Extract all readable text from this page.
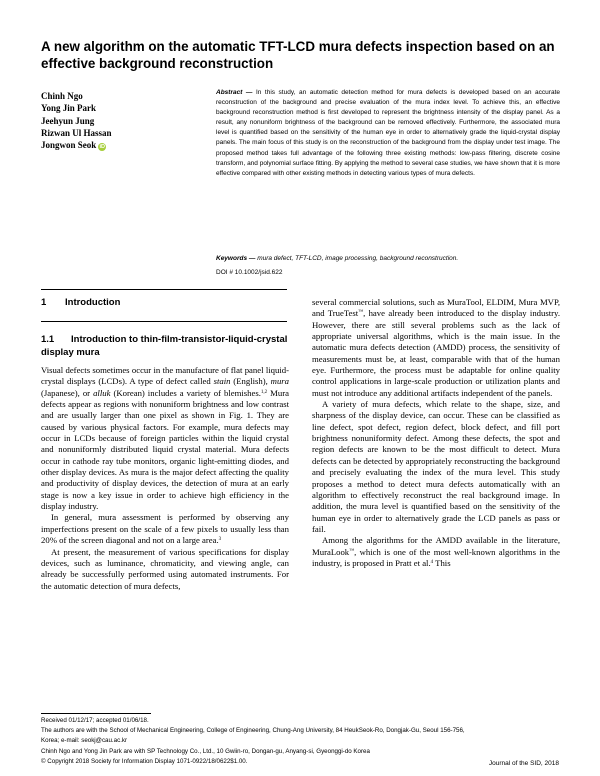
A new algorithm on the automatic TFT-LCD mura defects inspection based on an effective background reconstruction
Chinh Ngo
Yong Jin Park
Jeehyun Jung
Rizwan Ul Hassan
Jongwon Seok iD
Abstract — In this study, an automatic detection method for mura defects is developed based on an accurate reconstruction of the background and precise evaluation of the mura index level. To achieve this, an effective background reconstruction method is first developed to represent the brightness intensity of the display panel. As a result, any nonuniform brightness of the background can be removed effectively. Furthermore, the associated mura level is quantified based on the sensitivity of the human eye in order to alternatively grade the liquid-crystal display panels. The main focus of this study is on the reconstruction of the background from the display under test image. The proposed method takes full advantage of the following three existing methods: low-pass filtering, discrete cosine transform, and polynomial surface fitting. By applying the method to several case studies, we have shown that it is more effective compared with other existing methods in detecting various types of mura defects.
Keywords — mura defect, TFT-LCD, image processing, background reconstruction.
DOI # 10.1002/jsid.622
1 Introduction
1.1 Introduction to thin-film-transistor-liquid-crystal display mura

Visual defects sometimes occur in the manufacture of flat panel liquid-crystal displays (LCDs). A type of defect called stain (English), mura (Japanese), or alluk (Korean) includes a variety of blemishes.$^{1,2}$ Mura defects appear as regions with nonuniform brightness and low contrast and are usually larger than one pixel as shown in Fig. 1. They are caused by various physical factors. For example, mura defects may occur in LCDs because of foreign particles within the liquid crystal and nonuniformly distributed liquid crystal material. Mura defects occur in cathode ray tube monitors, organic light-emitting diodes, and other display devices. As mura is the major defect affecting the quality and productivity of display devices, the detection of mura at an early stage is now a key issue in order to achieve high efficiency in the display industry.

In general, mura assessment is performed by observing any imperfections present on the scale of a few pixels to usually less than 20% of the screen diagonal and not on a large area.$^3$

At present, the measurement of various specifications for display devices, such as luminance, chromaticity, and viewing angle, can already be successfully performed using automated instruments. For the automatic detection of mura defects,

several commercial solutions, such as MuraTool, ELDIM, Mura MVP, and TrueTest™, have already been introduced to the display industry. However, there are still several problems such as the lack of appropriate universal algorithms, which is the main issue. In the automatic mura defects detection (AMDD) process, the sensitivity of measurements must be, at least, comparable with that of the human eye. Furthermore, the process must be adaptable for online quality control applications in large-scale production or utilization plants and must not introduce any additional artifacts independent of the panels.

A variety of mura defects, which relate to the shape, size, and sharpness of the display device, can occur. These can be classified as line defect, spot defect, region defect, block defect, and fill port brightness nonuniformity defect. Among these defects, the spot and region defects are known to be the most difficult to detect. Mura defects can be detected by appropriately reconstructing the background and precisely evaluating the index of the mura level. This study proposes a method to detect mura defects automatically with an algorithm to effectively reconstruct the real background image. In addition, the mura level is quantified based on the sensitivity of the human eye in order to alternatively grade the LCD panels as pass or fail.

Among the algorithms for the AMDD available in the literature, MuraLook™, which is one of the most well-known algorithms in the industry, is proposed in Pratt et al.$^4$ This

Received 01/12/17; accepted 01/06/18.
The authors are with the School of Mechanical Engineering, College of Engineering, Chung-Ang University, 84 HeukSeok-Ro, Dongjak-Gu, Seoul 156-756,
Korea; e-mail: seokj@cau.ac.kr
Chinh Ngo and Yong Jin Park are with SP Technology Co., Ltd., 10 Gwiin-ro, Dongan-gu, Anyang-si, Gyeonggi-do Korea
© Copyright 2018 Society for Information Display 1071-0922/18/0622$1.00.	Journal of the SID, 2018
